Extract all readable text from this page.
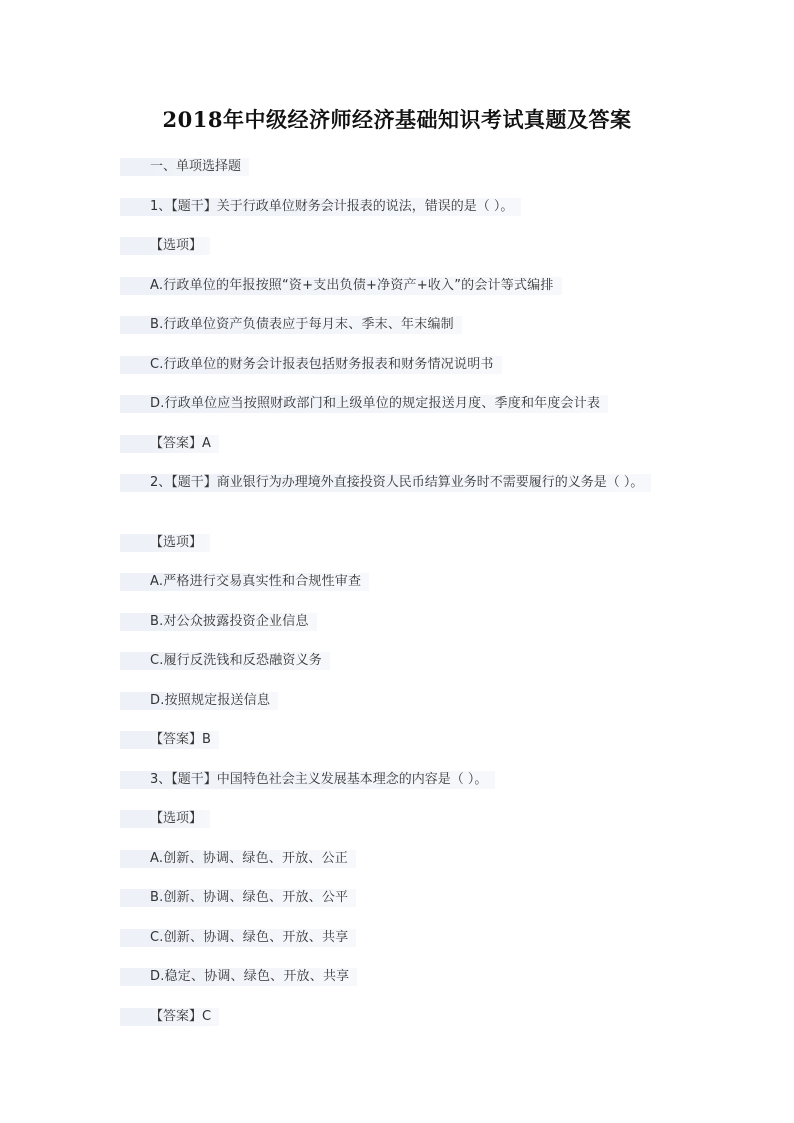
2018年中级经济师经济基础知识考试真题及答案
一、单项选择题
1、【题干】关于行政单位财务会计报表的说法，错误的是（ ）。
【选项】
A.行政单位的年报按照“资+支出负债+净资产+收入”的会计等式编排
B.行政单位资产负债表应于每月末、季末、年末编制
C.行政单位的财务会计报表包括财务报表和财务情况说明书
D.行政单位应当按照财政部门和上级单位的规定报送月度、季度和年度会计表
【答案】A
2、【题干】商业银行为办理境外直接投资人民币结算业务时不需要履行的义务是（ ）。
【选项】
A.严格进行交易真实性和合规性审查
B.对公众披露投资企业信息
C.履行反洗钱和反恐融资义务
D.按照规定报送信息
【答案】B
3、【题干】中国特色社会主义发展基本理念的内容是（ ）。
【选项】
A.创新、协调、绿色、开放、公正
B.创新、协调、绿色、开放、公平
C.创新、协调、绿色、开放、共享
D.稳定、协调、绿色、开放、共享
【答案】C
